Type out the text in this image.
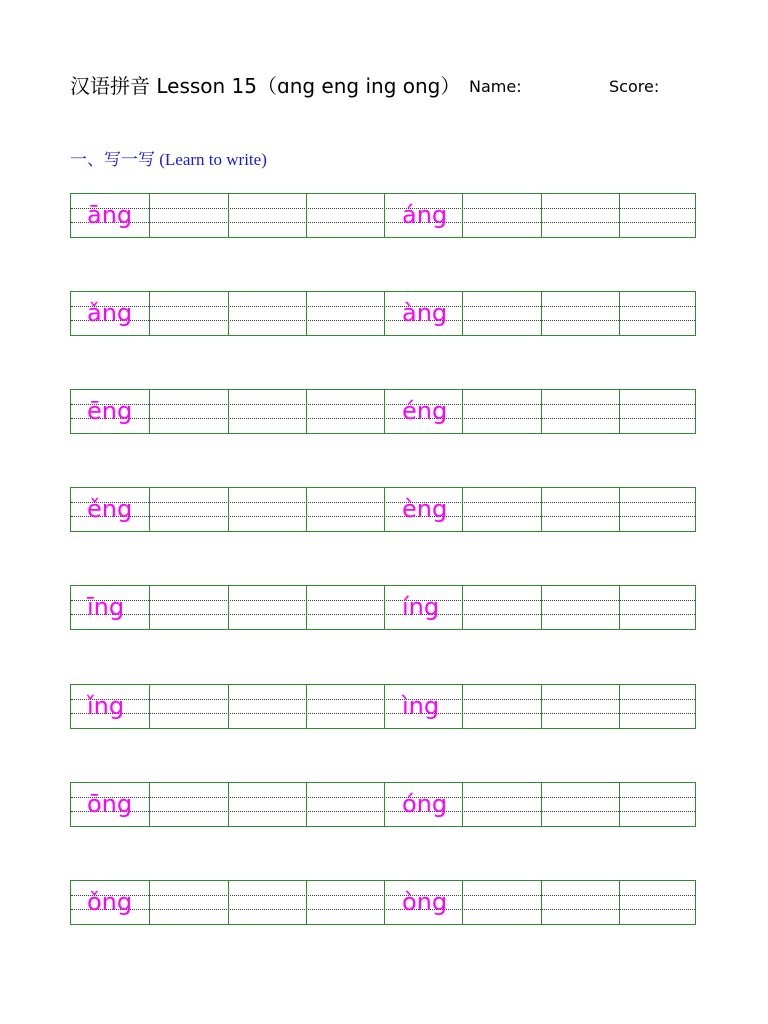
汉语拼音 Lesson 15（ɑng eng ing ong） Name:	Score:
一、写一写 (Learn to write)
āng	áng
ǎng	àng
ēng	éng
ěng	èng
īng	íng
ǐng	ìng
ōng	óng
ǒng	òng
